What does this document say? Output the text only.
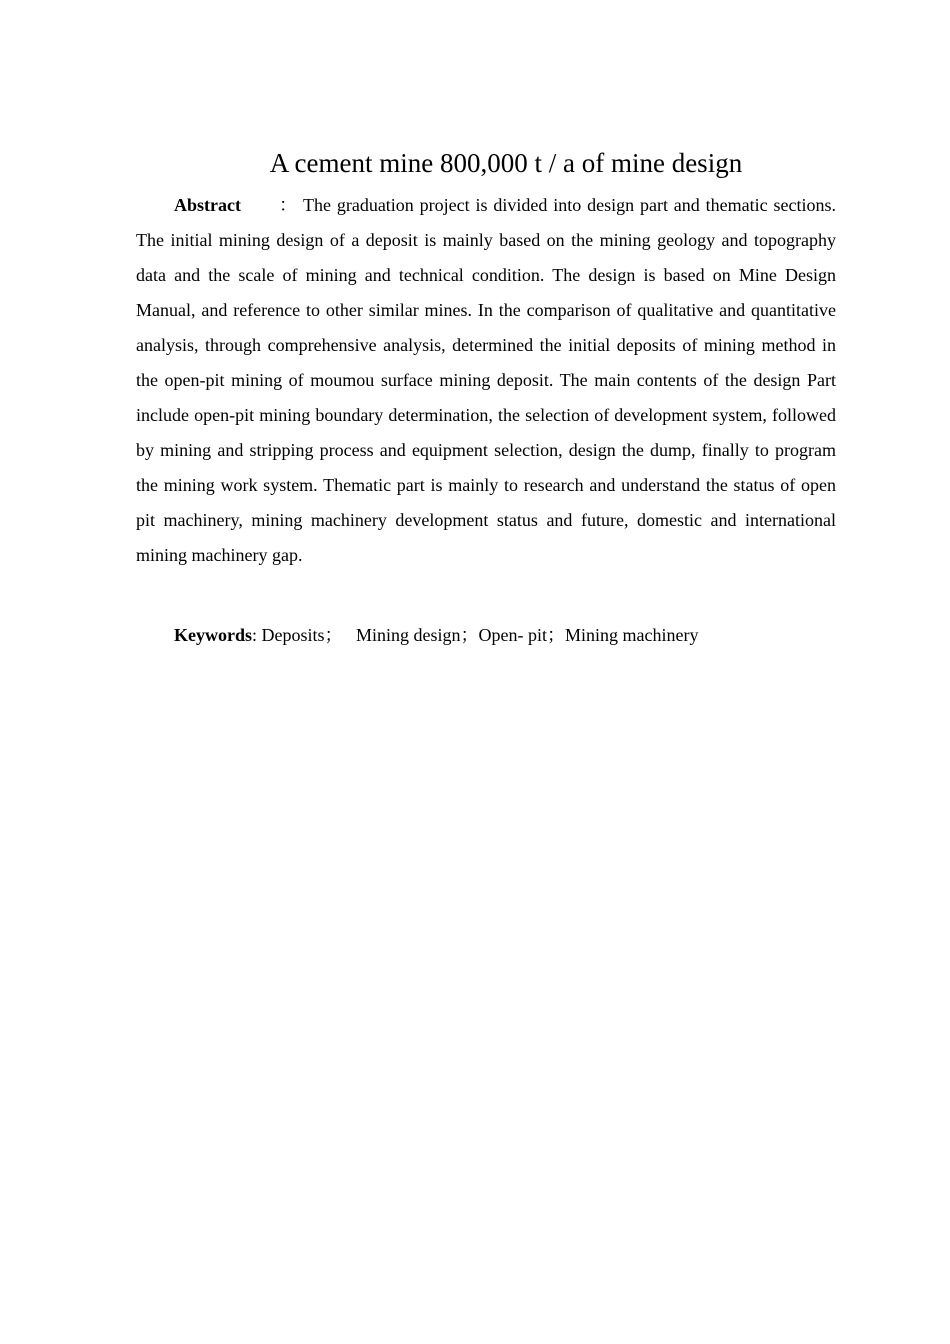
A cement mine 800,000 t / a of mine design

Abstract ： The graduation project is divided into design part and thematic sections. The initial mining design of a deposit is mainly based on the mining geology and topography data and the scale of mining and technical condition. The design is based on Mine Design Manual, and reference to other similar mines. In the comparison of qualitative and quantitative analysis, through comprehensive analysis, determined the initial deposits of mining method in the open-pit mining of moumou surface mining deposit. The main contents of the design Part include open-pit mining boundary determination, the selection of development system, followed by mining and stripping process and equipment selection, design the dump, finally to program the mining work system. Thematic part is mainly to research and understand the status of open pit machinery, mining machinery development status and future, domestic and international mining machinery gap.

Keywords: Deposits； Mining design；Open- pit；Mining machinery
